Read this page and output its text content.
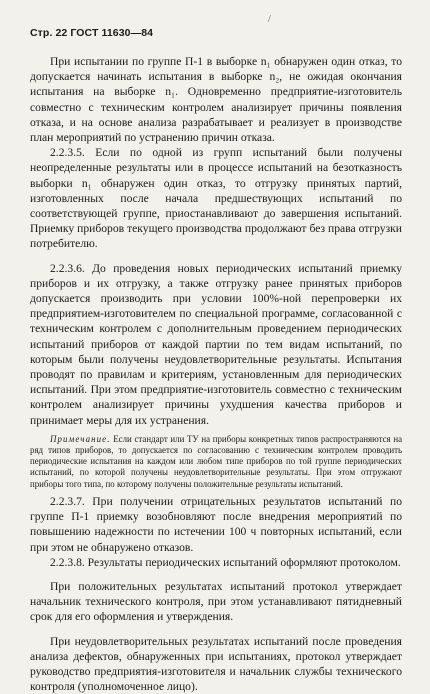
Стр. 22 ГОСТ 11630—84
/

При испытании по группе П-1 в выборке n₁ обнаружен один отказ, то допускается начинать испытания в выборке n₂, не ожидая окончания испытания на выборке n₁. Одновременно предприятие-изготовитель совместно с техническим контролем анализирует причины появления отказа, и на основе анализа разрабатывает и реализует в производстве план мероприятий по устранению причин отказа.

2.2.3.5. Если по одной из групп испытаний были получены неопределенные результаты или в процессе испытаний на безотказность выборки n₁ обнаружен один отказ, то отгрузку принятых партий, изготовленных после начала предшествующих испытаний по соответствующей группе, приостанавливают до завершения испытаний. Приемку приборов текущего производства продолжают без права отгрузки потребителю.

2.2.3.6. До проведения новых периодических испытаний приемку приборов и их отгрузку, а также отгрузку ранее принятых приборов допускается производить при условии 100%-ной перепроверки их предприятием-изготовителем по специальной программе, согласованной с техническим контролем с дополнительным проведением периодических испытаний приборов от каждой партии по тем видам испытаний, по которым были получены неудовлетворительные результаты. Испытания проводят по правилам и критериям, установленным для периодических испытаний. При этом предприятие-изготовитель совместно с техническим контролем анализирует причины ухудшения качества приборов и принимает меры для их устранения.

Примечание. Если стандарт или ТУ на приборы конкретных типов распространяются на ряд типов приборов, то допускается по согласованию с техническим контролем проводить периодические испытания на каждом или любом типе приборов по той группе периодических испытаний, по которой получены неудовлетворительные результаты. При этом отгружают приборы того типа, по которому получены положительные результаты испытаний.

2.2.3.7. При получении отрицательных результатов испытаний по группе П-1 приемку возобновляют после внедрения мероприятий по повышению надежности по истечении 100 ч повторных испытаний, если при этом не обнаружено отказов.

2.2.3.8. Результаты периодических испытаний оформляют протоколом.

При положительных результатах испытаний протокол утверждает начальник технического контроля, при этом устанавливают пятидневный срок для его оформления и утверждения.

При неудовлетворительных результатах испытаний после проведения анализа дефектов, обнаруженных при испытаниях, протокол утверждает руководство предприятия-изготовителя и начальник службы технического контроля (уполномоченное лицо).
